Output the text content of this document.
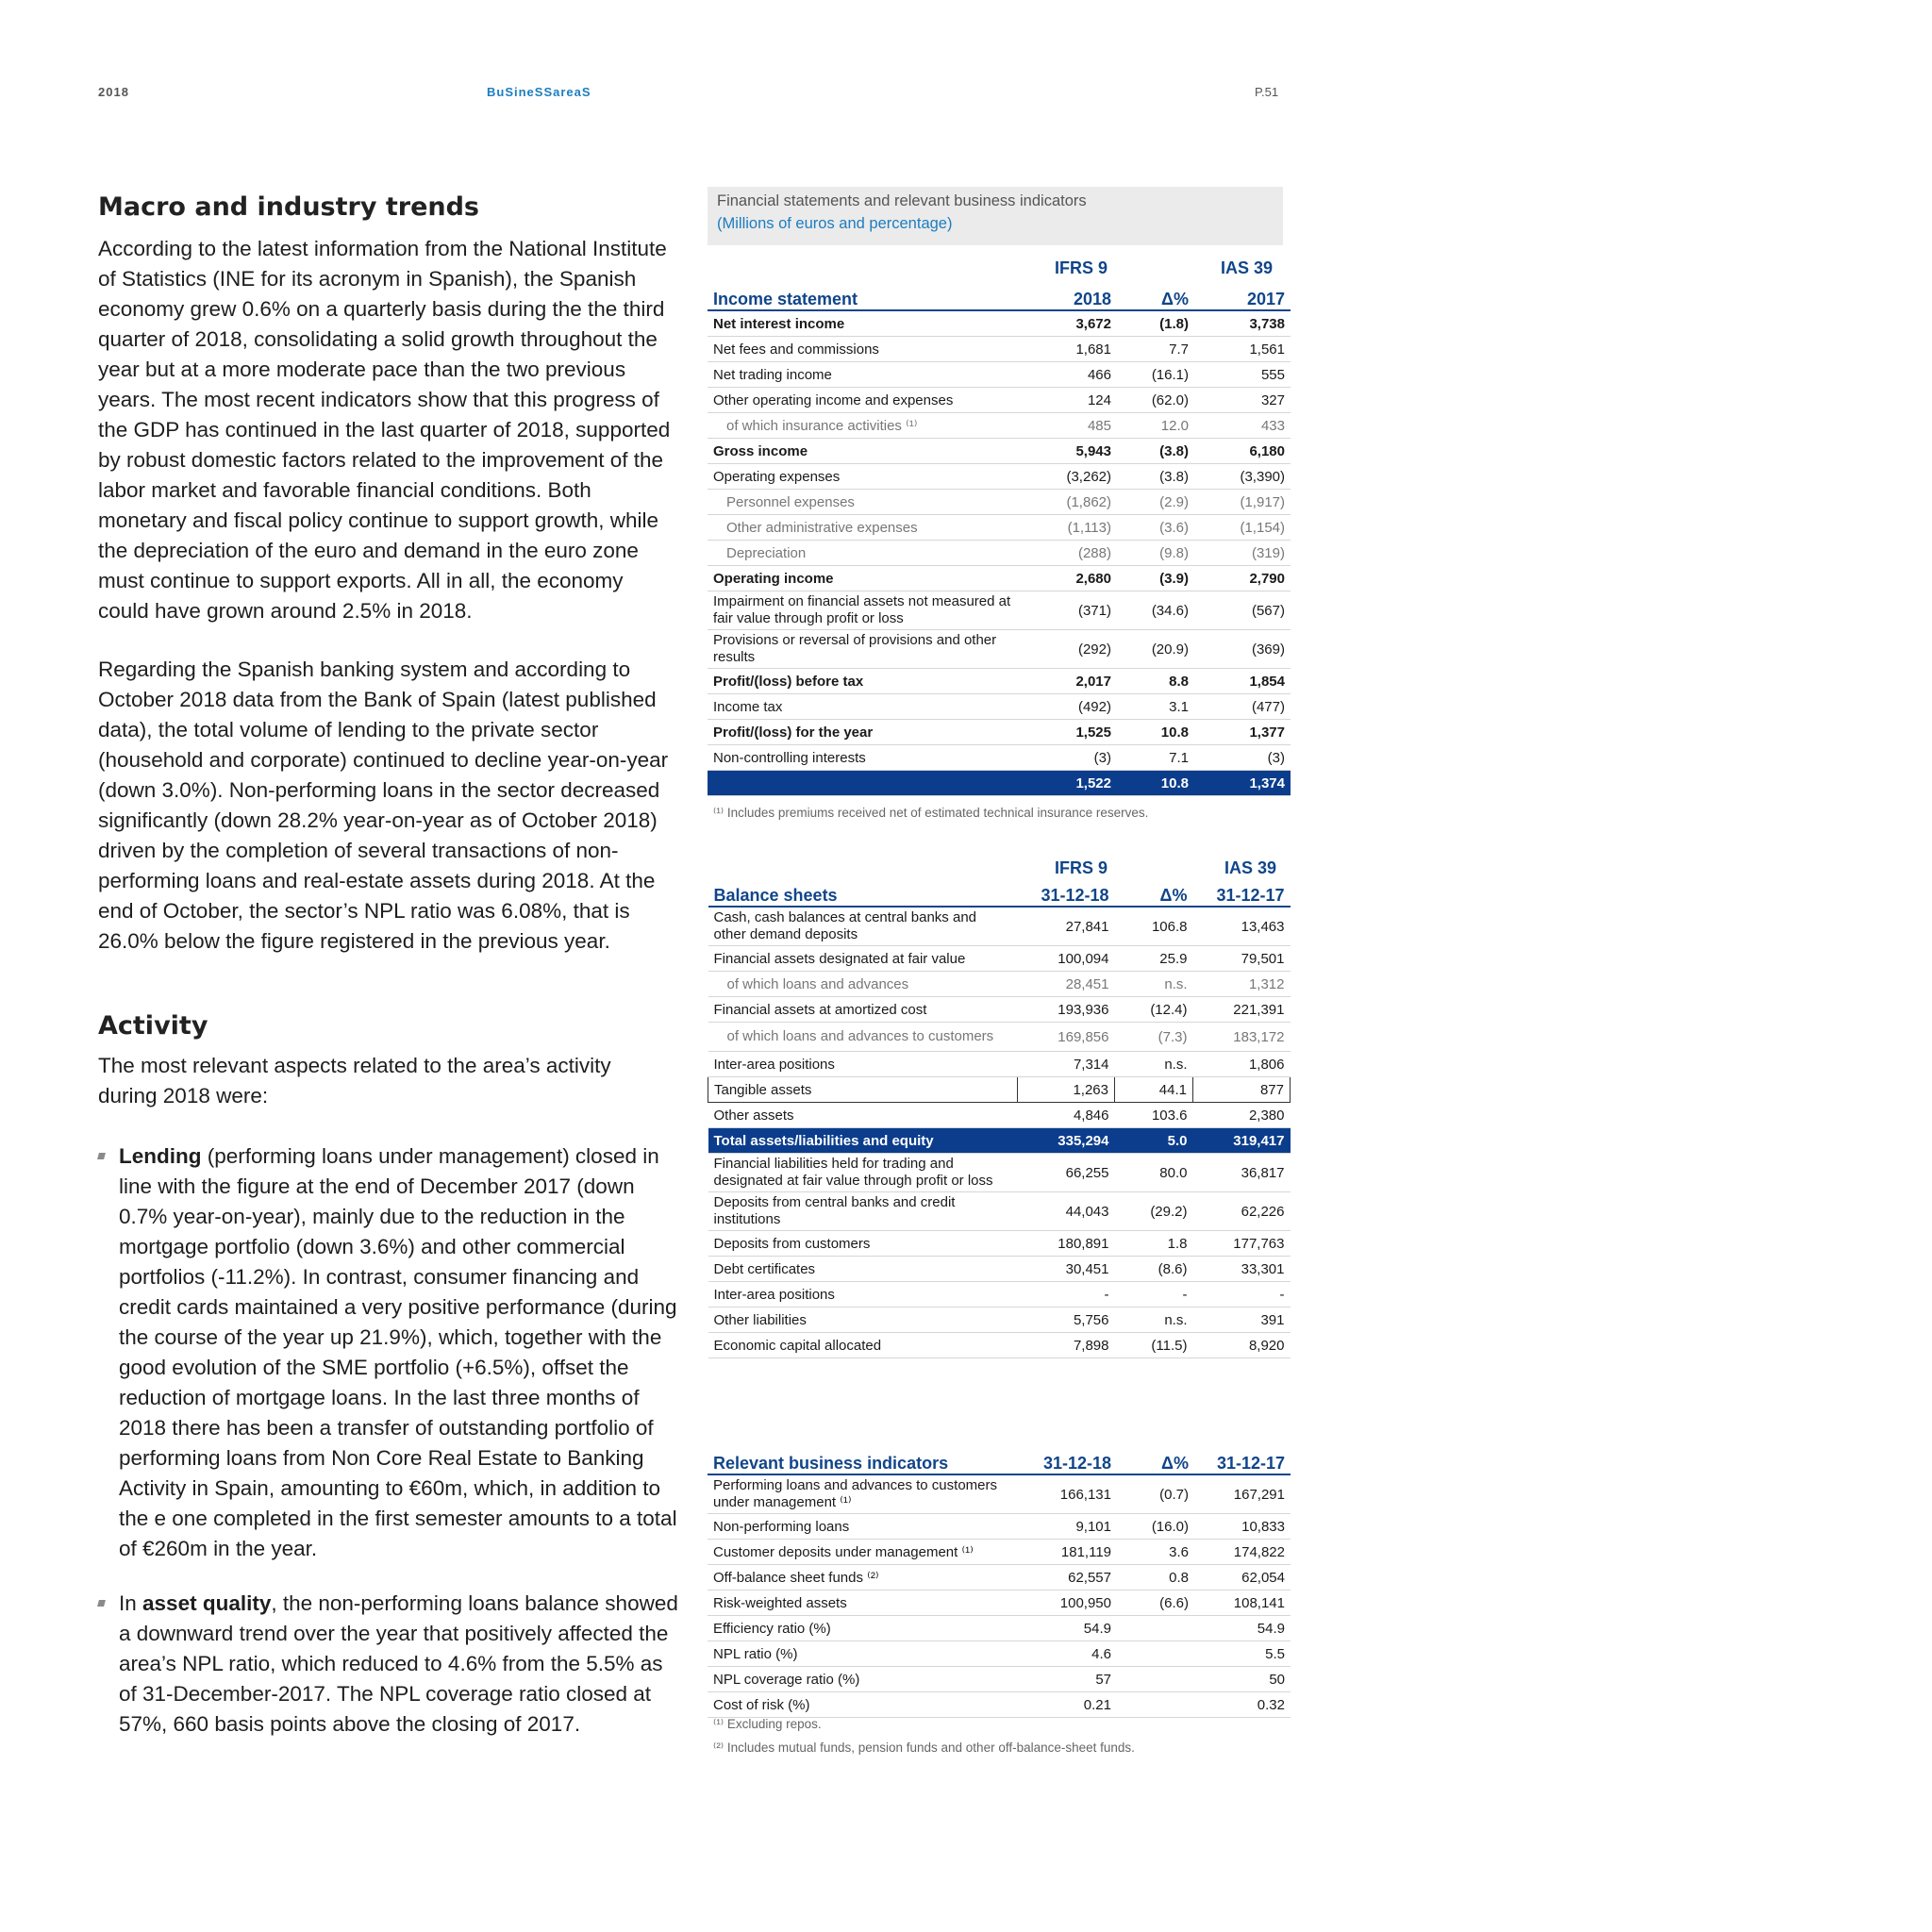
2018	BuSineSSareaS	P.51
Macro and industry trends
According to the latest information from the National Institute of Statistics (INE for its acronym in Spanish), the Spanish economy grew 0.6% on a quarterly basis during the the third quarter of 2018, consolidating a solid growth throughout the year but at a more moderate pace than the two previous years. The most recent indicators show that this progress of the GDP has continued in the last quarter of 2018, supported by robust domestic factors related to the improvement of the labor market and favorable financial conditions. Both monetary and fiscal policy continue to support growth, while the depreciation of the euro and demand in the euro zone must continue to support exports. All in all, the economy could have grown around 2.5% in 2018.
Regarding the Spanish banking system and according to October 2018 data from the Bank of Spain (latest published data), the total volume of lending to the private sector (household and corporate) continued to decline year-on-year (down 3.0%). Non-performing loans in the sector decreased significantly (down 28.2% year-on-year as of October 2018) driven by the completion of several transactions of non-performing loans and real-estate assets during 2018. At the end of October, the sector’s NPL ratio was 6.08%, that is 26.0% below the figure registered in the previous year.
Activity
The most relevant aspects related to the area’s activity during 2018 were:
Lending (performing loans under management) closed in line with the figure at the end of December 2017 (down 0.7% year-on-year), mainly due to the reduction in the mortgage portfolio (down 3.6%) and other commercial portfolios (-11.2%). In contrast, consumer financing and credit cards maintained a very positive performance (during the course of the year up 21.9%), which, together with the good evolution of the SME portfolio (+6.5%), offset the reduction of mortgage loans. In the last three months of 2018 there has been a transfer of outstanding portfolio of performing loans from Non Core Real Estate to Banking Activity in Spain, amounting to €60m, which, in addition to the e one completed in the first semester amounts to a total of €260m in the year.
In asset quality, the non-performing loans balance showed a downward trend over the year that positively affected the area’s NPL ratio, which reduced to 4.6% from the 5.5% as of 31-December-2017. The NPL coverage ratio closed at 57%, 660 basis points above the closing of 2017.
Financial statements and relevant business indicators
(Millions of euros and percentage)
IFRS 9	IAS 39
Income statement	2018	Δ%	2017
Net interest income	3,672	(1.8)	3,738
Net fees and commissions	1,681	7.7	1,561
Net trading income	466	(16.1)	555
Other operating income and expenses	124	(62.0)	327
of which insurance activities ⁽¹⁾	485	12.0	433
Gross income	5,943	(3.8)	6,180
Operating expenses	(3,262)	(3.8)	(3,390)
Personnel expenses	(1,862)	(2.9)	(1,917)
Other administrative expenses	(1,113)	(3.6)	(1,154)
Depreciation	(288)	(9.8)	(319)
Operating income	2,680	(3.9)	2,790
Impairment on financial assets not measured at fair value through profit or loss	(371)	(34.6)	(567)
Provisions or reversal of provisions and other results	(292)	(20.9)	(369)
Profit/(loss) before tax	2,017	8.8	1,854
Income tax	(492)	3.1	(477)
Profit/(loss) for the year	1,525	10.8	1,377
Non-controlling interests	(3)	7.1	(3)
	1,522	10.8	1,374
⁽¹⁾ Includes premiums received net of estimated technical insurance reserves.
IFRS 9	IAS 39
Balance sheets	31-12-18	Δ%	31-12-17
Cash, cash balances at central banks and other demand deposits	27,841	106.8	13,463
Financial assets designated at fair value	100,094	25.9	79,501
of which loans and advances	28,451	n.s.	1,312
Financial assets at amortized cost	193,936	(12.4)	221,391
of which loans and advances to customers	169,856	(7.3)	183,172
Inter-area positions	7,314	n.s.	1,806
Tangible assets	1,263	44.1	877
Other assets	4,846	103.6	2,380
Total assets/liabilities and equity	335,294	5.0	319,417
Financial liabilities held for trading and designated at fair value through profit or loss	66,255	80.0	36,817
Deposits from central banks and credit institutions	44,043	(29.2)	62,226
Deposits from customers	180,891	1.8	177,763
Debt certificates	30,451	(8.6)	33,301
Inter-area positions	-	-	-
Other liabilities	5,756	n.s.	391
Economic capital allocated	7,898	(11.5)	8,920
Relevant business indicators	31-12-18	Δ%	31-12-17
Performing loans and advances to customers under management ⁽¹⁾	166,131	(0.7)	167,291
Non-performing loans	9,101	(16.0)	10,833
Customer deposits under management ⁽¹⁾	181,119	3.6	174,822
Off-balance sheet funds ⁽²⁾	62,557	0.8	62,054
Risk-weighted assets	100,950	(6.6)	108,141
Efficiency ratio (%)	54.9		54.9
NPL ratio (%)	4.6		5.5
NPL coverage ratio (%)	57		50
Cost of risk (%)	0.21		0.32
⁽¹⁾ Excluding repos.
⁽²⁾ Includes mutual funds, pension funds and other off-balance-sheet funds.
